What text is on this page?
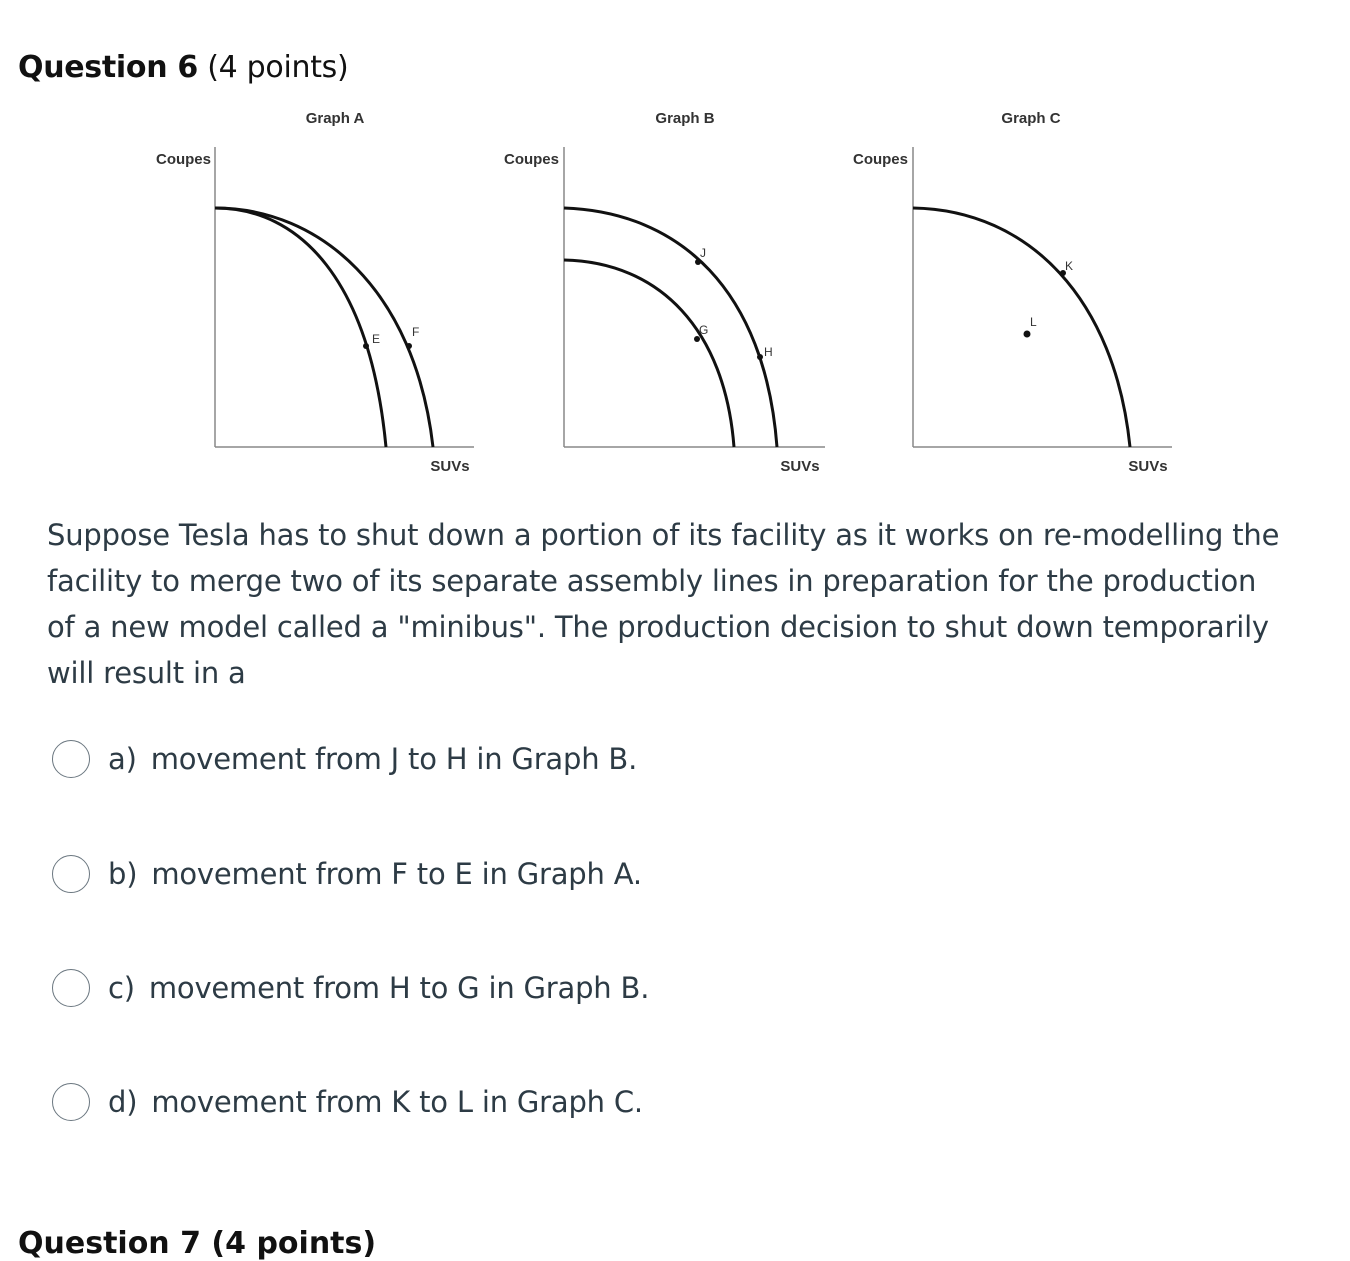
Question 6 (4 points)
Graph A
Coupes
SUVs
E	F
Graph B
Coupes
SUVs
J
G
H
Graph C
Coupes
SUVs
K
L
Suppose Tesla has to shut down a portion of its facility as it works on re-modelling the facility to merge two of its separate assembly lines in preparation for the production of a new model called a "minibus". The production decision to shut down temporarily will result in a
a) movement from J to H in Graph B.
b) movement from F to E in Graph A.
c) movement from H to G in Graph B.
d) movement from K to L in Graph C.
Question 7 (4 points)
